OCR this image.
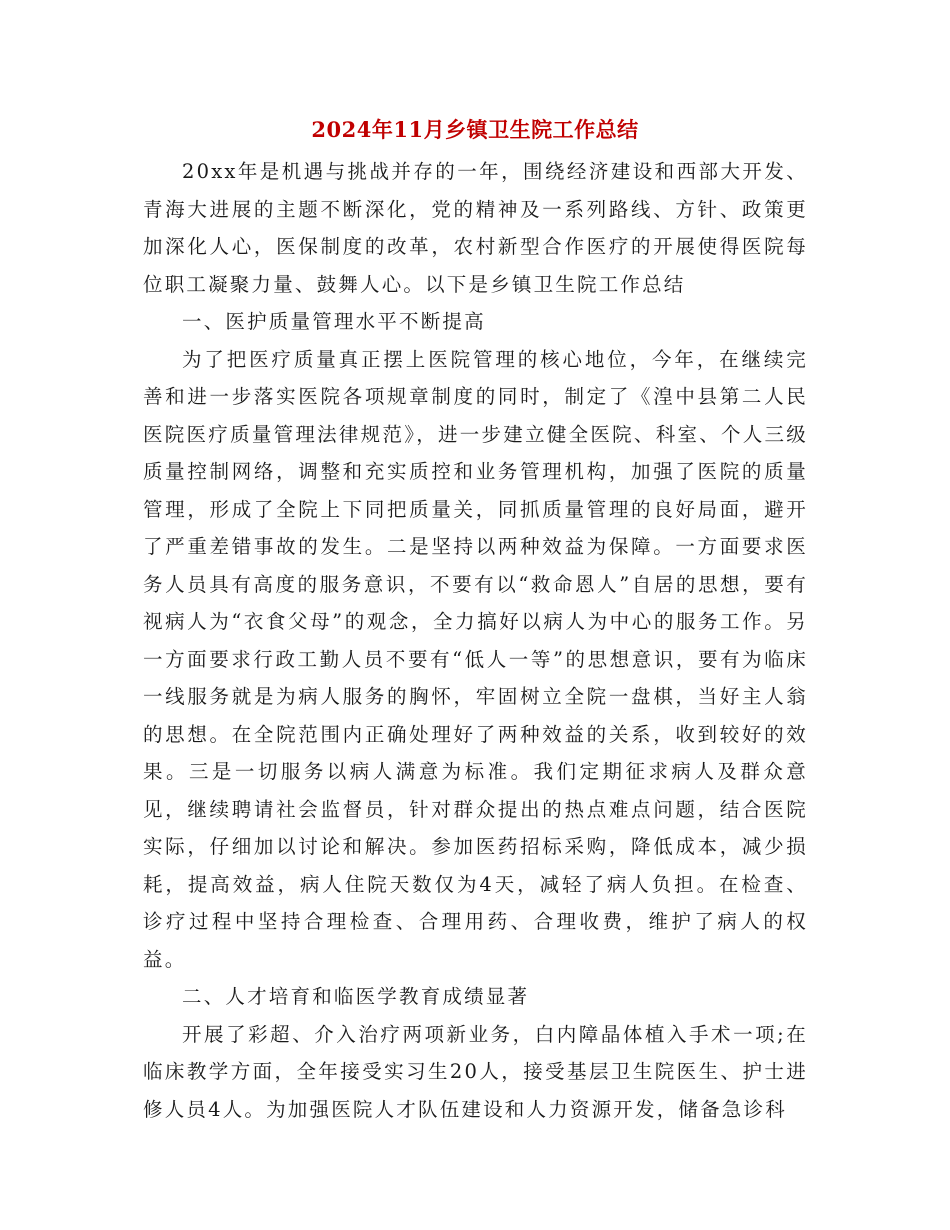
2024年11月乡镇卫生院工作总结

20xx年是机遇与挑战并存的一年，围绕经济建设和西部大开发、青海大进展的主题不断深化，党的精神及一系列路线、方针、政策更加深化人心，医保制度的改革，农村新型合作医疗的开展使得医院每位职工凝聚力量、鼓舞人心。以下是乡镇卫生院工作总结

一、医护质量管理水平不断提高

为了把医疗质量真正摆上医院管理的核心地位，今年，在继续完善和进一步落实医院各项规章制度的同时，制定了《湟中县第二人民医院医疗质量管理法律规范》，进一步建立健全医院、科室、个人三级质量控制网络，调整和充实质控和业务管理机构，加强了医院的质量管理，形成了全院上下同把质量关，同抓质量管理的良好局面，避开了严重差错事故的发生。二是坚持以两种效益为保障。一方面要求医务人员具有高度的服务意识，不要有以“救命恩人”自居的思想，要有视病人为“衣食父母”的观念，全力搞好以病人为中心的服务工作。另一方面要求行政工勤人员不要有“低人一等”的思想意识，要有为临床一线服务就是为病人服务的胸怀，牢固树立全院一盘棋，当好主人翁的思想。在全院范围内正确处理好了两种效益的关系，收到较好的效果。三是一切服务以病人满意为标准。我们定期征求病人及群众意见，继续聘请社会监督员，针对群众提出的热点难点问题，结合医院实际，仔细加以讨论和解决。参加医药招标采购，降低成本，减少损耗，提高效益，病人住院天数仅为4天，减轻了病人负担。在检查、诊疗过程中坚持合理检查、合理用药、合理收费，维护了病人的权益。

二、人才培育和临医学教育成绩显著

开展了彩超、介入治疗两项新业务，白内障晶体植入手术一项;在临床教学方面，全年接受实习生20人，接受基层卫生院医生、护士进修人员4人。为加强医院人才队伍建设和人力资源开发，储备急诊科
